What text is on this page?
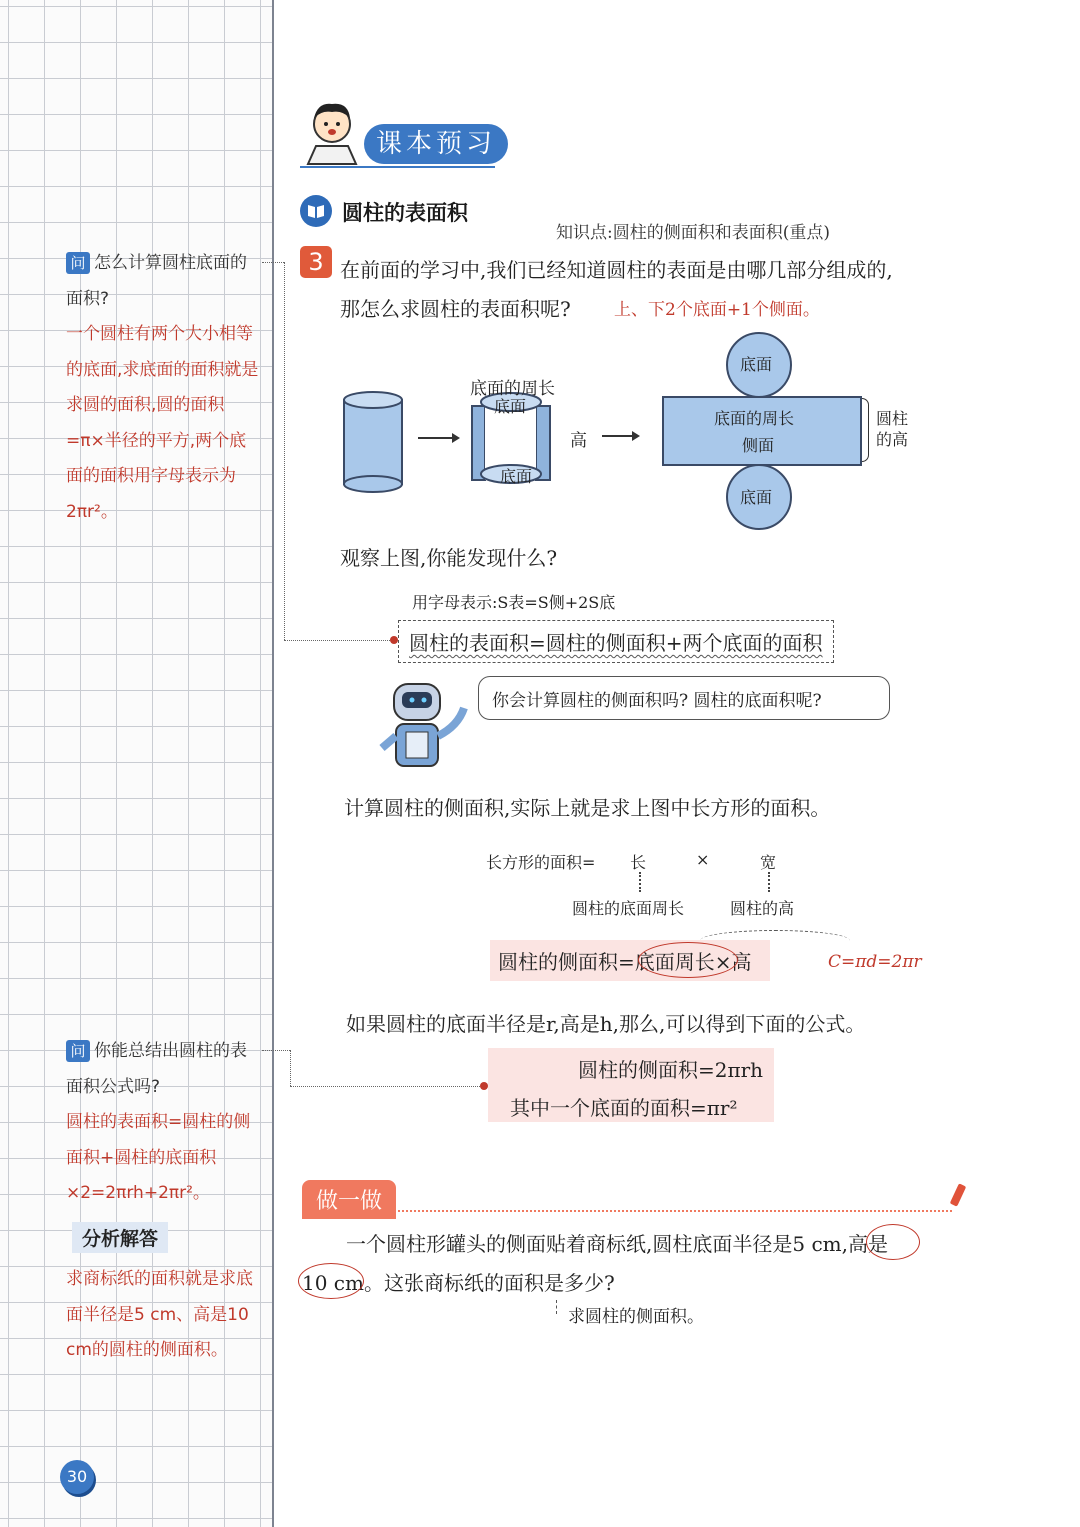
问 怎么计算圆柱底面的面积?
一个圆柱有两个大小相等的底面,求底面的面积就是求圆的面积,圆的面积=π×半径的平方,两个底面的面积用字母表示为2πr²。
问 你能总结出圆柱的表面积公式吗?
圆柱的表面积=圆柱的侧面积+圆柱的底面积×2=2πrh+2πr²。
分析解答
求商标纸的面积就是求底面半径是5 cm、高是10 cm的圆柱的侧面积。
30
课本预习
圆柱的表面积
3
知识点:圆柱的侧面积和表面积(重点)
在前面的学习中,我们已经知道圆柱的表面是由哪几部分组成的,
那怎么求圆柱的表面积呢?	上、下2个底面+1个侧面。
底面的周长
底面
底面
高
底面
底面的周长
侧面
底面
圆柱
的高
观察上图,你能发现什么?
用字母表示:S表=S侧+2S底
圆柱的表面积=圆柱的侧面积+两个底面的面积
你会计算圆柱的侧面积吗? 圆柱的底面积呢?
计算圆柱的侧面积,实际上就是求上图中长方形的面积。
长方形的面积= 长	×	宽
圆柱的底面周长	圆柱的高
圆柱的侧面积=底面周长×高	C=πd=2πr
如果圆柱的底面半径是r,高是h,那么,可以得到下面的公式。
圆柱的侧面积=2πrh
其中一个底面的面积=πr²
做一做
一个圆柱形罐头的侧面贴着商标纸,圆柱底面半径是5 cm,高是
10 cm。这张商标纸的面积是多少?
求圆柱的侧面积。
